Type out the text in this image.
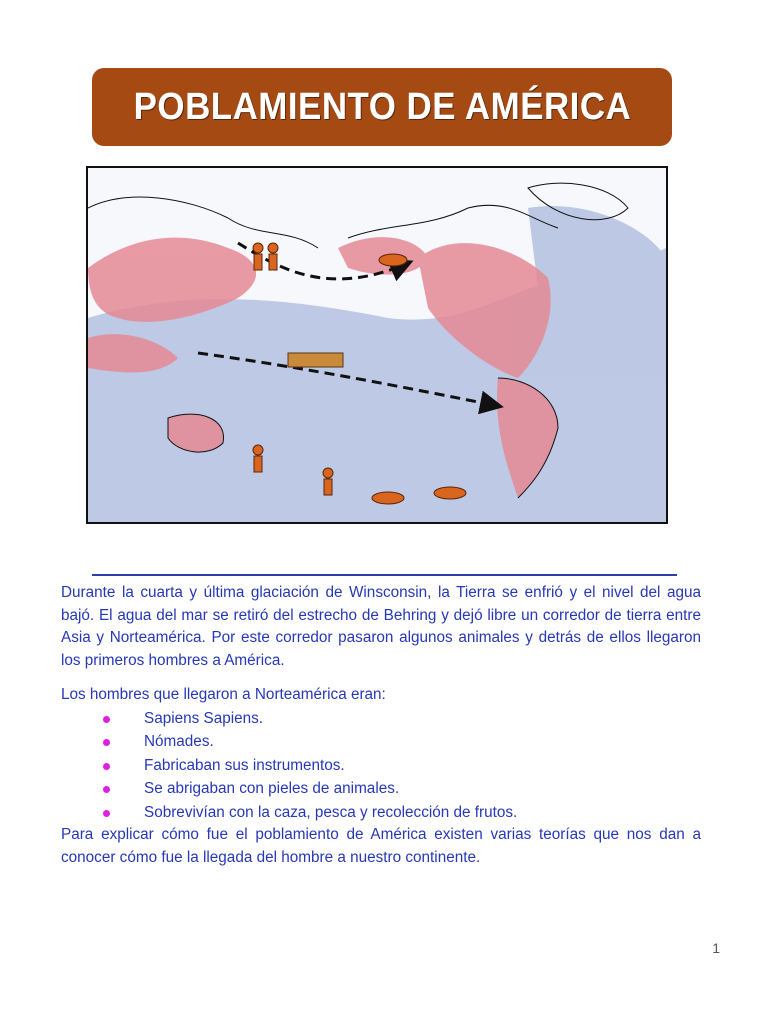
POBLAMIENTO DE AMÉRICA

Durante la cuarta y última glaciación de Winsconsin, la Tierra se enfrió y el nivel del agua bajó. El agua del mar se retiró del estrecho de Behring y dejó libre un corredor de tierra entre Asia y Norteamérica. Por este corredor pasaron algunos animales y detrás de ellos llegaron los primeros hombres a América.

Los hombres que llegaron a Norteamérica eran:

Sapiens Sapiens.
Nómades.
Fabricaban sus instrumentos.
Se abrigaban con pieles de animales.
Sobrevivían con la caza, pesca y recolección de frutos.

Para explicar cómo fue el poblamiento de América existen varias teorías que nos dan a conocer cómo fue la llegada del hombre a nuestro continente.

1
